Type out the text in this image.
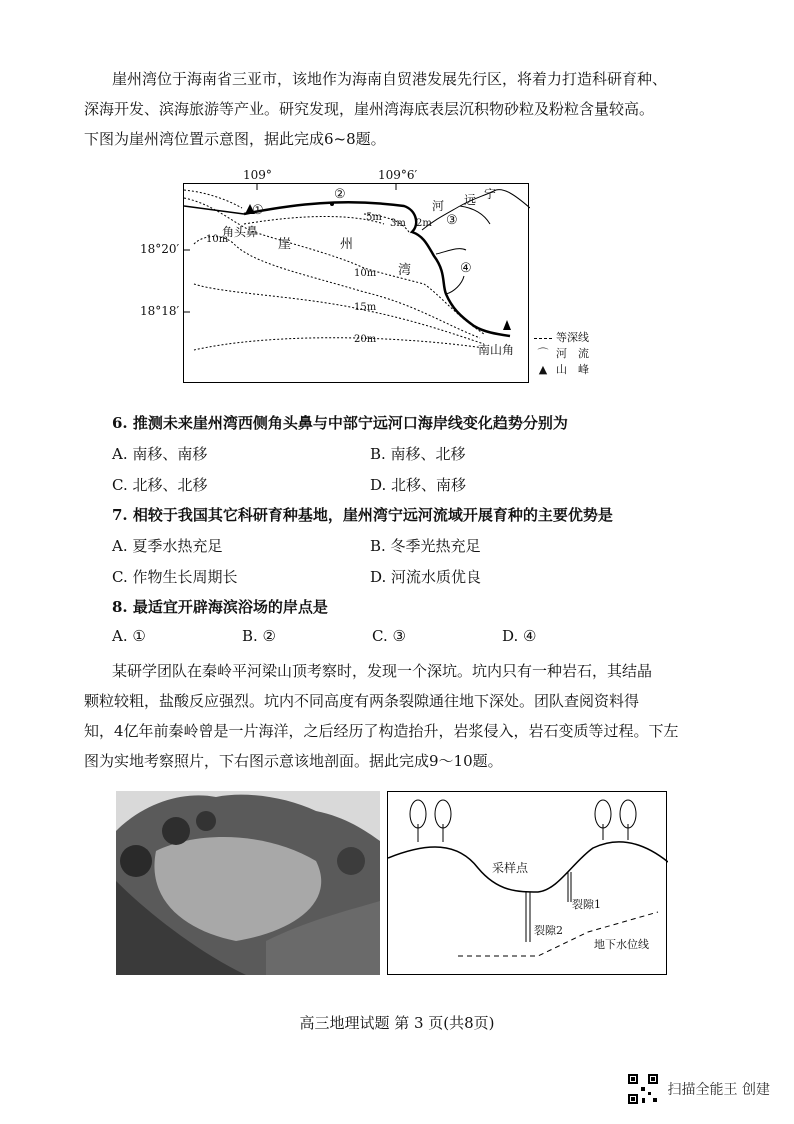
崖州湾位于海南省三亚市，该地作为海南自贸港发展先行区，将着力打造科研育种、
深海开发、滨海旅游等产业。研究发现，崖州湾海底表层沉积物砂粒及粉粒含量较高。
下图为崖州湾位置示意图，据此完成6~8题。
①
②
③
④
角头鼻
崖	州
湾
河 远 宁
南山角
10m
10m
15m
20m
5m
3m 2m
109°	109°6′
18°20′
18°18′
等深线
⌒ 河　流
▲ 山　峰
6. 推测未来崖州湾西侧角头鼻与中部宁远河口海岸线变化趋势分别为
A. 南移、南移	B. 南移、北移
C. 北移、北移	D. 北移、南移
7. 相较于我国其它科研育种基地，崖州湾宁远河流域开展育种的主要优势是
A. 夏季水热充足	B. 冬季光热充足
C. 作物生长周期长	D. 河流水质优良
8. 最适宜开辟海滨浴场的岸点是
A. ①	B. ②	C. ③	D. ④
某研学团队在秦岭平河梁山顶考察时，发现一个深坑。坑内只有一种岩石，其结晶
颗粒较粗，盐酸反应强烈。坑内不同高度有两条裂隙通往地下深处。团队查阅资料得
知，4亿年前秦岭曾是一片海洋，之后经历了构造抬升，岩浆侵入，岩石变质等过程。下左
图为实地考察照片，下右图示意该地剖面。据此完成9～10题。
采样点
裂隙1
裂隙2
地下水位线
高三地理试题 第 3 页(共8页)
扫描全能王 创建
